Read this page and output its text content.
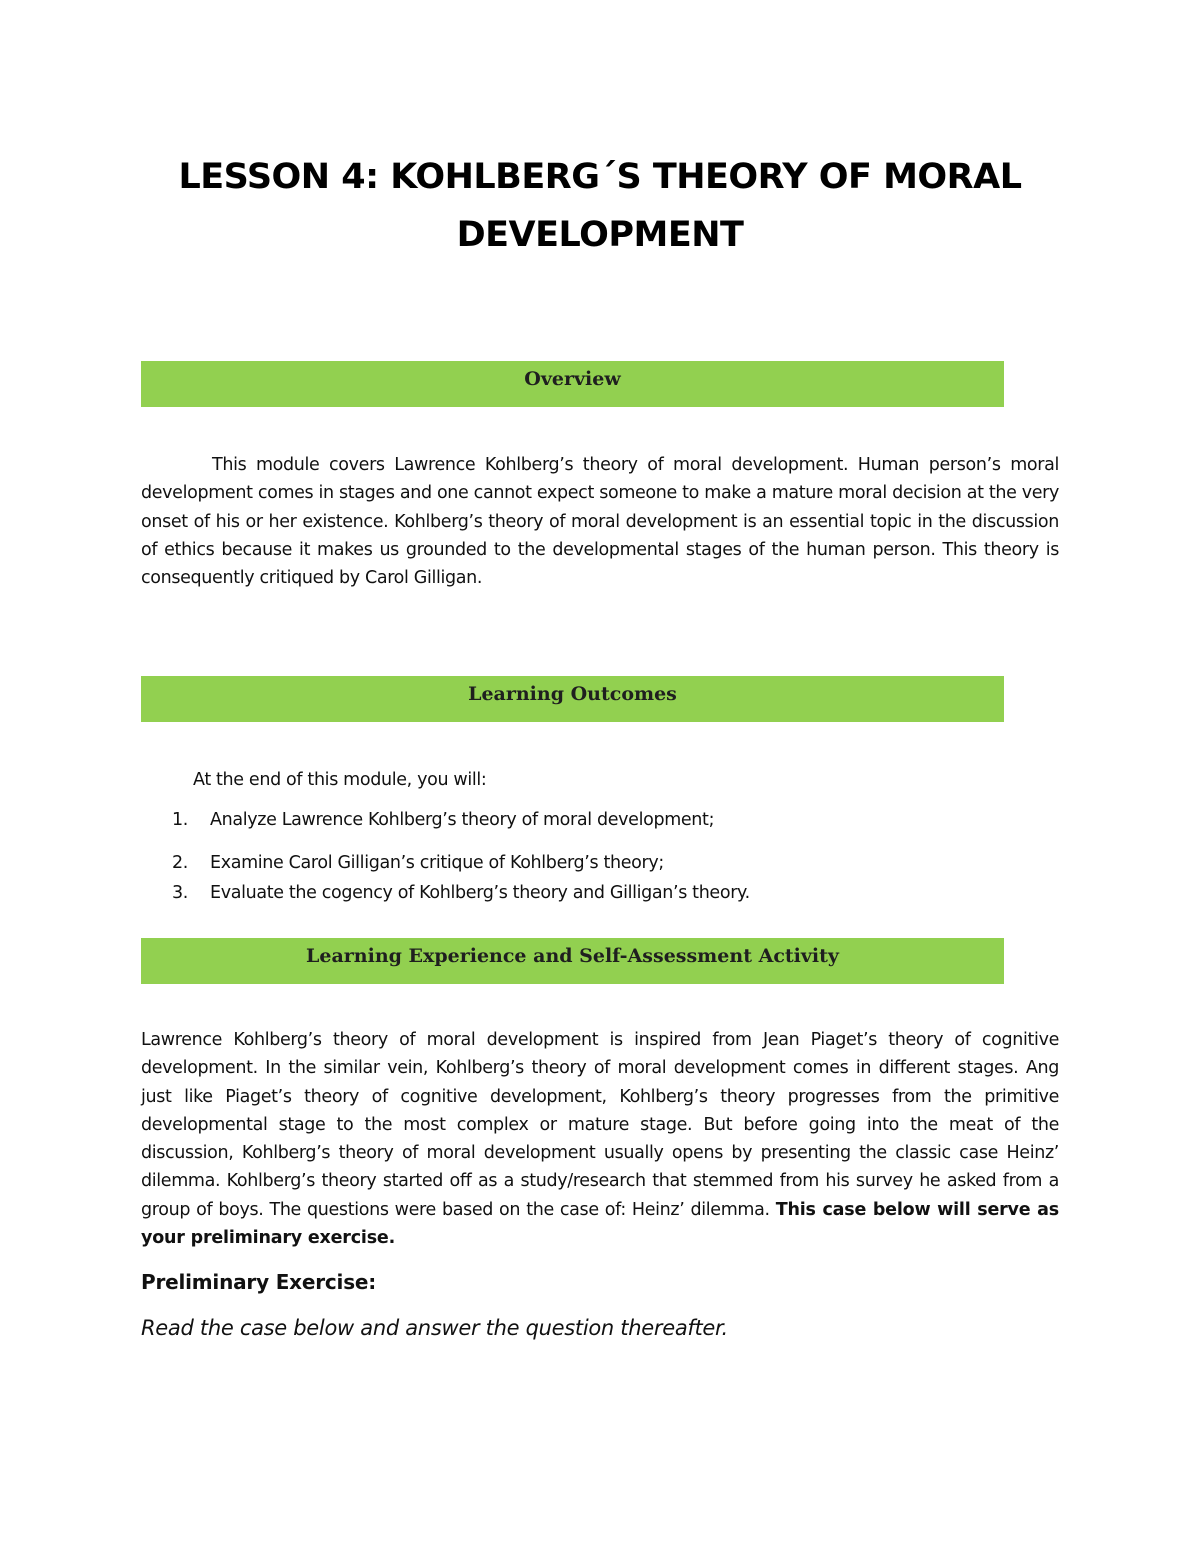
LESSON 4: KOHLBERG´S THEORY OF MORAL DEVELOPMENT
Overview

This module covers Lawrence Kohlberg’s theory of moral development. Human person’s moral development comes in stages and one cannot expect someone to make a mature moral decision at the very onset of his or her existence. Kohlberg’s theory of moral development is an essential topic in the discussion of ethics because it makes us grounded to the developmental stages of the human person. This theory is consequently critiqued by Carol Gilligan.

Learning Outcomes

At the end of this module, you will:

1. Analyze Lawrence Kohlberg’s theory of moral development;
2. Examine Carol Gilligan’s critique of Kohlberg’s theory;
3. Evaluate the cogency of Kohlberg’s theory and Gilligan’s theory.
Learning Experience and Self-Assessment Activity

Lawrence Kohlberg’s theory of moral development is inspired from Jean Piaget’s theory of cognitive development. In the similar vein, Kohlberg’s theory of moral development comes in different stages. Ang just like Piaget’s theory of cognitive development, Kohlberg’s theory progresses from the primitive developmental stage to the most complex or mature stage. But before going into the meat of the discussion, Kohlberg’s theory of moral development usually opens by presenting the classic case Heinz’ dilemma. Kohlberg’s theory started off as a study/research that stemmed from his survey he asked from a group of boys. The questions were based on the case of: Heinz’ dilemma. This case below will serve as your preliminary exercise.

Preliminary Exercise:

Read the case below and answer the question thereafter.
